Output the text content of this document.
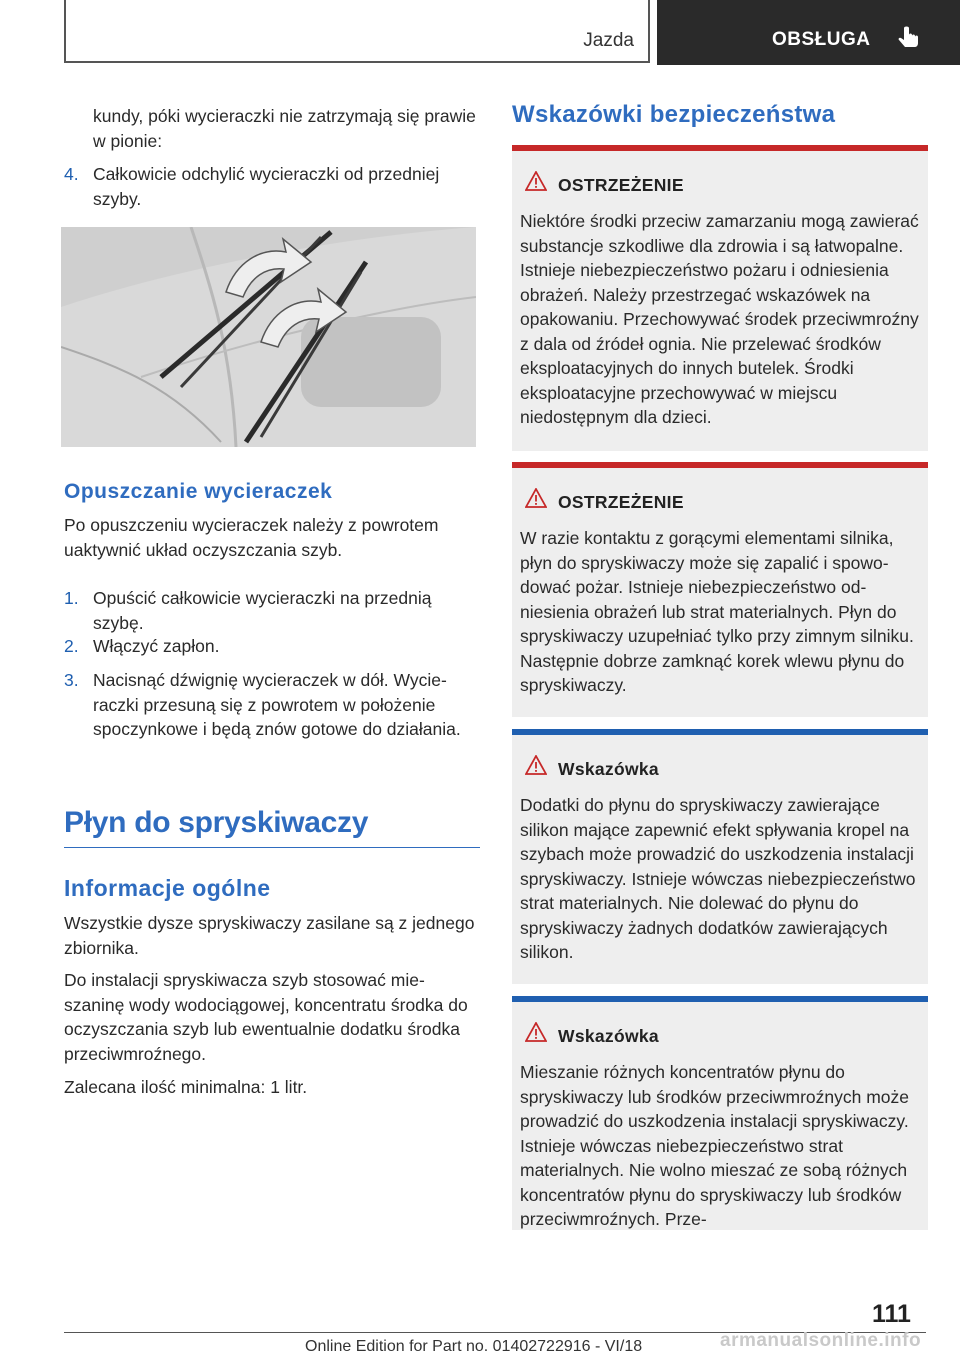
Jazda	OBSŁUGA
kundy, póki wycieraczki nie zatrzymają się prawie w pionie:
4. Całkowicie odchylić wycieraczki od przedniej szyby.
Opuszczanie wycieraczek
Po opuszczeniu wycieraczek należy z powrotem uaktywnić układ oczyszczania szyb.
1. Opuścić całkowicie wycieraczki na przednią szybę.
2. Włączyć zapłon.
3. Nacisnąć dźwignię wycieraczek w dół. Wycieraczki przesuną się z powrotem w położenie spoczynkowe i będą znów gotowe do działania.
Płyn do spryskiwaczy
Informacje ogólne
Wszystkie dysze spryskiwaczy zasilane są z jednego zbiornika.
Do instalacji spryskiwacza szyb stosować mieszaninę wody wodociągowej, koncentratu środka do oczyszczania szyb lub ewentualnie dodatku środka przeciwmroźnego.
Zalecana ilość minimalna: 1 litr.
Wskazówki bezpieczeństwa
OSTRZEŻENIE
Niektóre środki przeciw zamarzaniu mogą zawierać substancje szkodliwe dla zdrowia i są łatwopalne. Istnieje niebezpieczeństwo pożaru i odniesienia obrażeń. Należy przestrzegać wskazówek na opakowaniu. Przechowywać środek przeciwmroźny z dala od źródeł ognia. Nie przelewać środków eksploatacyjnych do innych butelek. Środki eksploatacyjne przechowywać w miejscu niedostępnym dla dzieci.
OSTRZEŻENIE
W razie kontaktu z gorącymi elementami silnika, płyn do spryskiwaczy może się zapalić i spowodować pożar. Istnieje niebezpieczeństwo odniesienia obrażeń lub strat materialnych. Płyn do spryskiwaczy uzupełniać tylko przy zimnym silniku. Następnie dobrze zamknąć korek wlewu płynu do spryskiwaczy.
Wskazówka
Dodatki do płynu do spryskiwaczy zawierające silikon mające zapewnić efekt spływania kropel na szybach może prowadzić do uszkodzenia instalacji spryskiwaczy. Istnieje wówczas niebezpieczeństwo strat materialnych. Nie dolewać do płynu do spryskiwaczy żadnych dodatków zawierających silikon.
Wskazówka
Mieszanie różnych koncentratów płynu do spryskiwaczy lub środków przeciwmroźnych może prowadzić do uszkodzenia instalacji spryskiwaczy. Istnieje wówczas niebezpieczeństwo strat materialnych. Nie wolno mieszać ze sobą różnych koncentratów płynu do spryskiwaczy lub środków przeciwmroźnych. Prze-
111
armanualsonline.info
Online Edition for Part no. 01402722916 - VI/18
